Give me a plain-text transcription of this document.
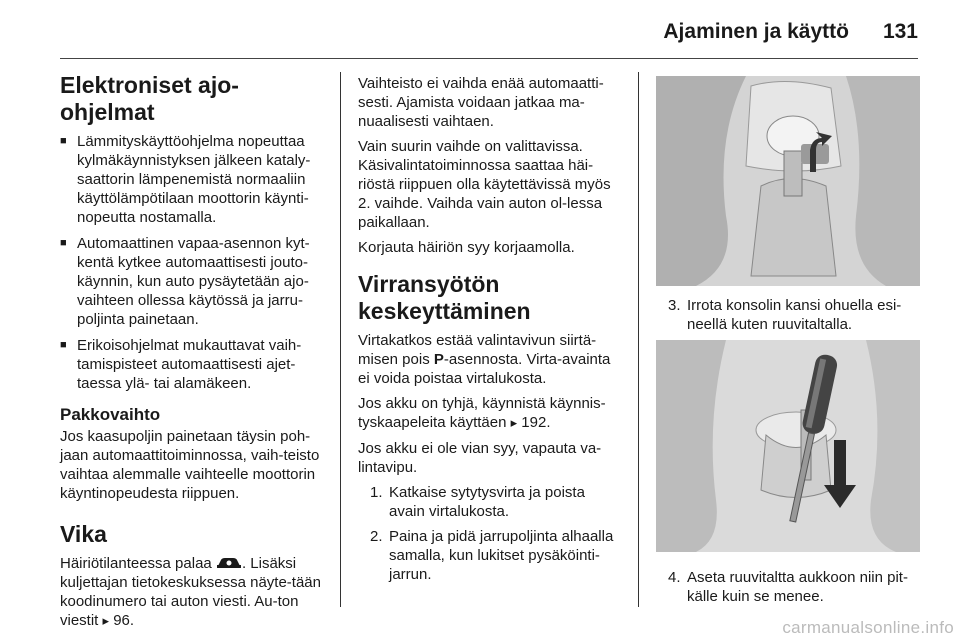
Ajaminen ja käyttö 131
Elektroniset ajo-ohjelmat
■ Lämmityskäyttöohjelma nopeuttaa kylmäkäynnistyksen jälkeen kataly-saattorin lämpenemistä normaaliin käyttölämpötilaan moottorin käynti-nopeutta nostamalla.
■ Automaattinen vapaa-asennon kyt-kentä kytkee automaattisesti jouto-käynnin, kun auto pysäytetään ajo-vaihteen ollessa käytössä ja jarru-poljinta painetaan.
■ Erikoisohjelmat mukauttavat vaih-tamispisteet automaattisesti ajet-taessa ylä- tai alamäkeen.
Pakkovaihto

Jos kaasupoljin painetaan täysin poh-jaan automaattitoiminnossa, vaih-teisto vaihtaa alemmalle vaihteelle moottorin käyntinopeudesta riippuen.

Vika

Häiriötilanteessa palaa . Lisäksi kuljettajan tietokeskuksessa näyte-tään koodinumero tai auton viesti. Au-ton viestit ▸ 96.

Vaihteisto ei vaihda enää automaatti-sesti. Ajamista voidaan jatkaa ma-nuaalisesti vaihtaen.

Vain suurin vaihde on valittavissa. Käsivalintatoiminnossa saattaa häi-riöstä riippuen olla käytettävissä myös 2. vaihde. Vaihda vain auton ol-lessa paikallaan.

Korjauta häiriön syy korjaamolla.

Virransyötön
keskeyttäminen

Virtakatkos estää valintavivun siirtä-misen pois P-asennosta. Virta-avainta ei voida poistaa virtalukosta.

Jos akku on tyhjä, käynnistä käynnis-tyskaapeleita käyttäen ▸ 192.

Jos akku ei ole vian syy, vapauta va-lintavipu.

1. Katkaise sytytysvirta ja poista avain virtalukosta.
2. Paina ja pidä jarrupoljinta alhaalla samalla, kun lukitset pysäköinti-jarrun.
3. Irrota konsolin kansi ohuella esi-neellä kuten ruuvitaltalla.
4. Aseta ruuvitaltta aukkoon niin pit-källe kuin se menee.
carmanualsonline.info
